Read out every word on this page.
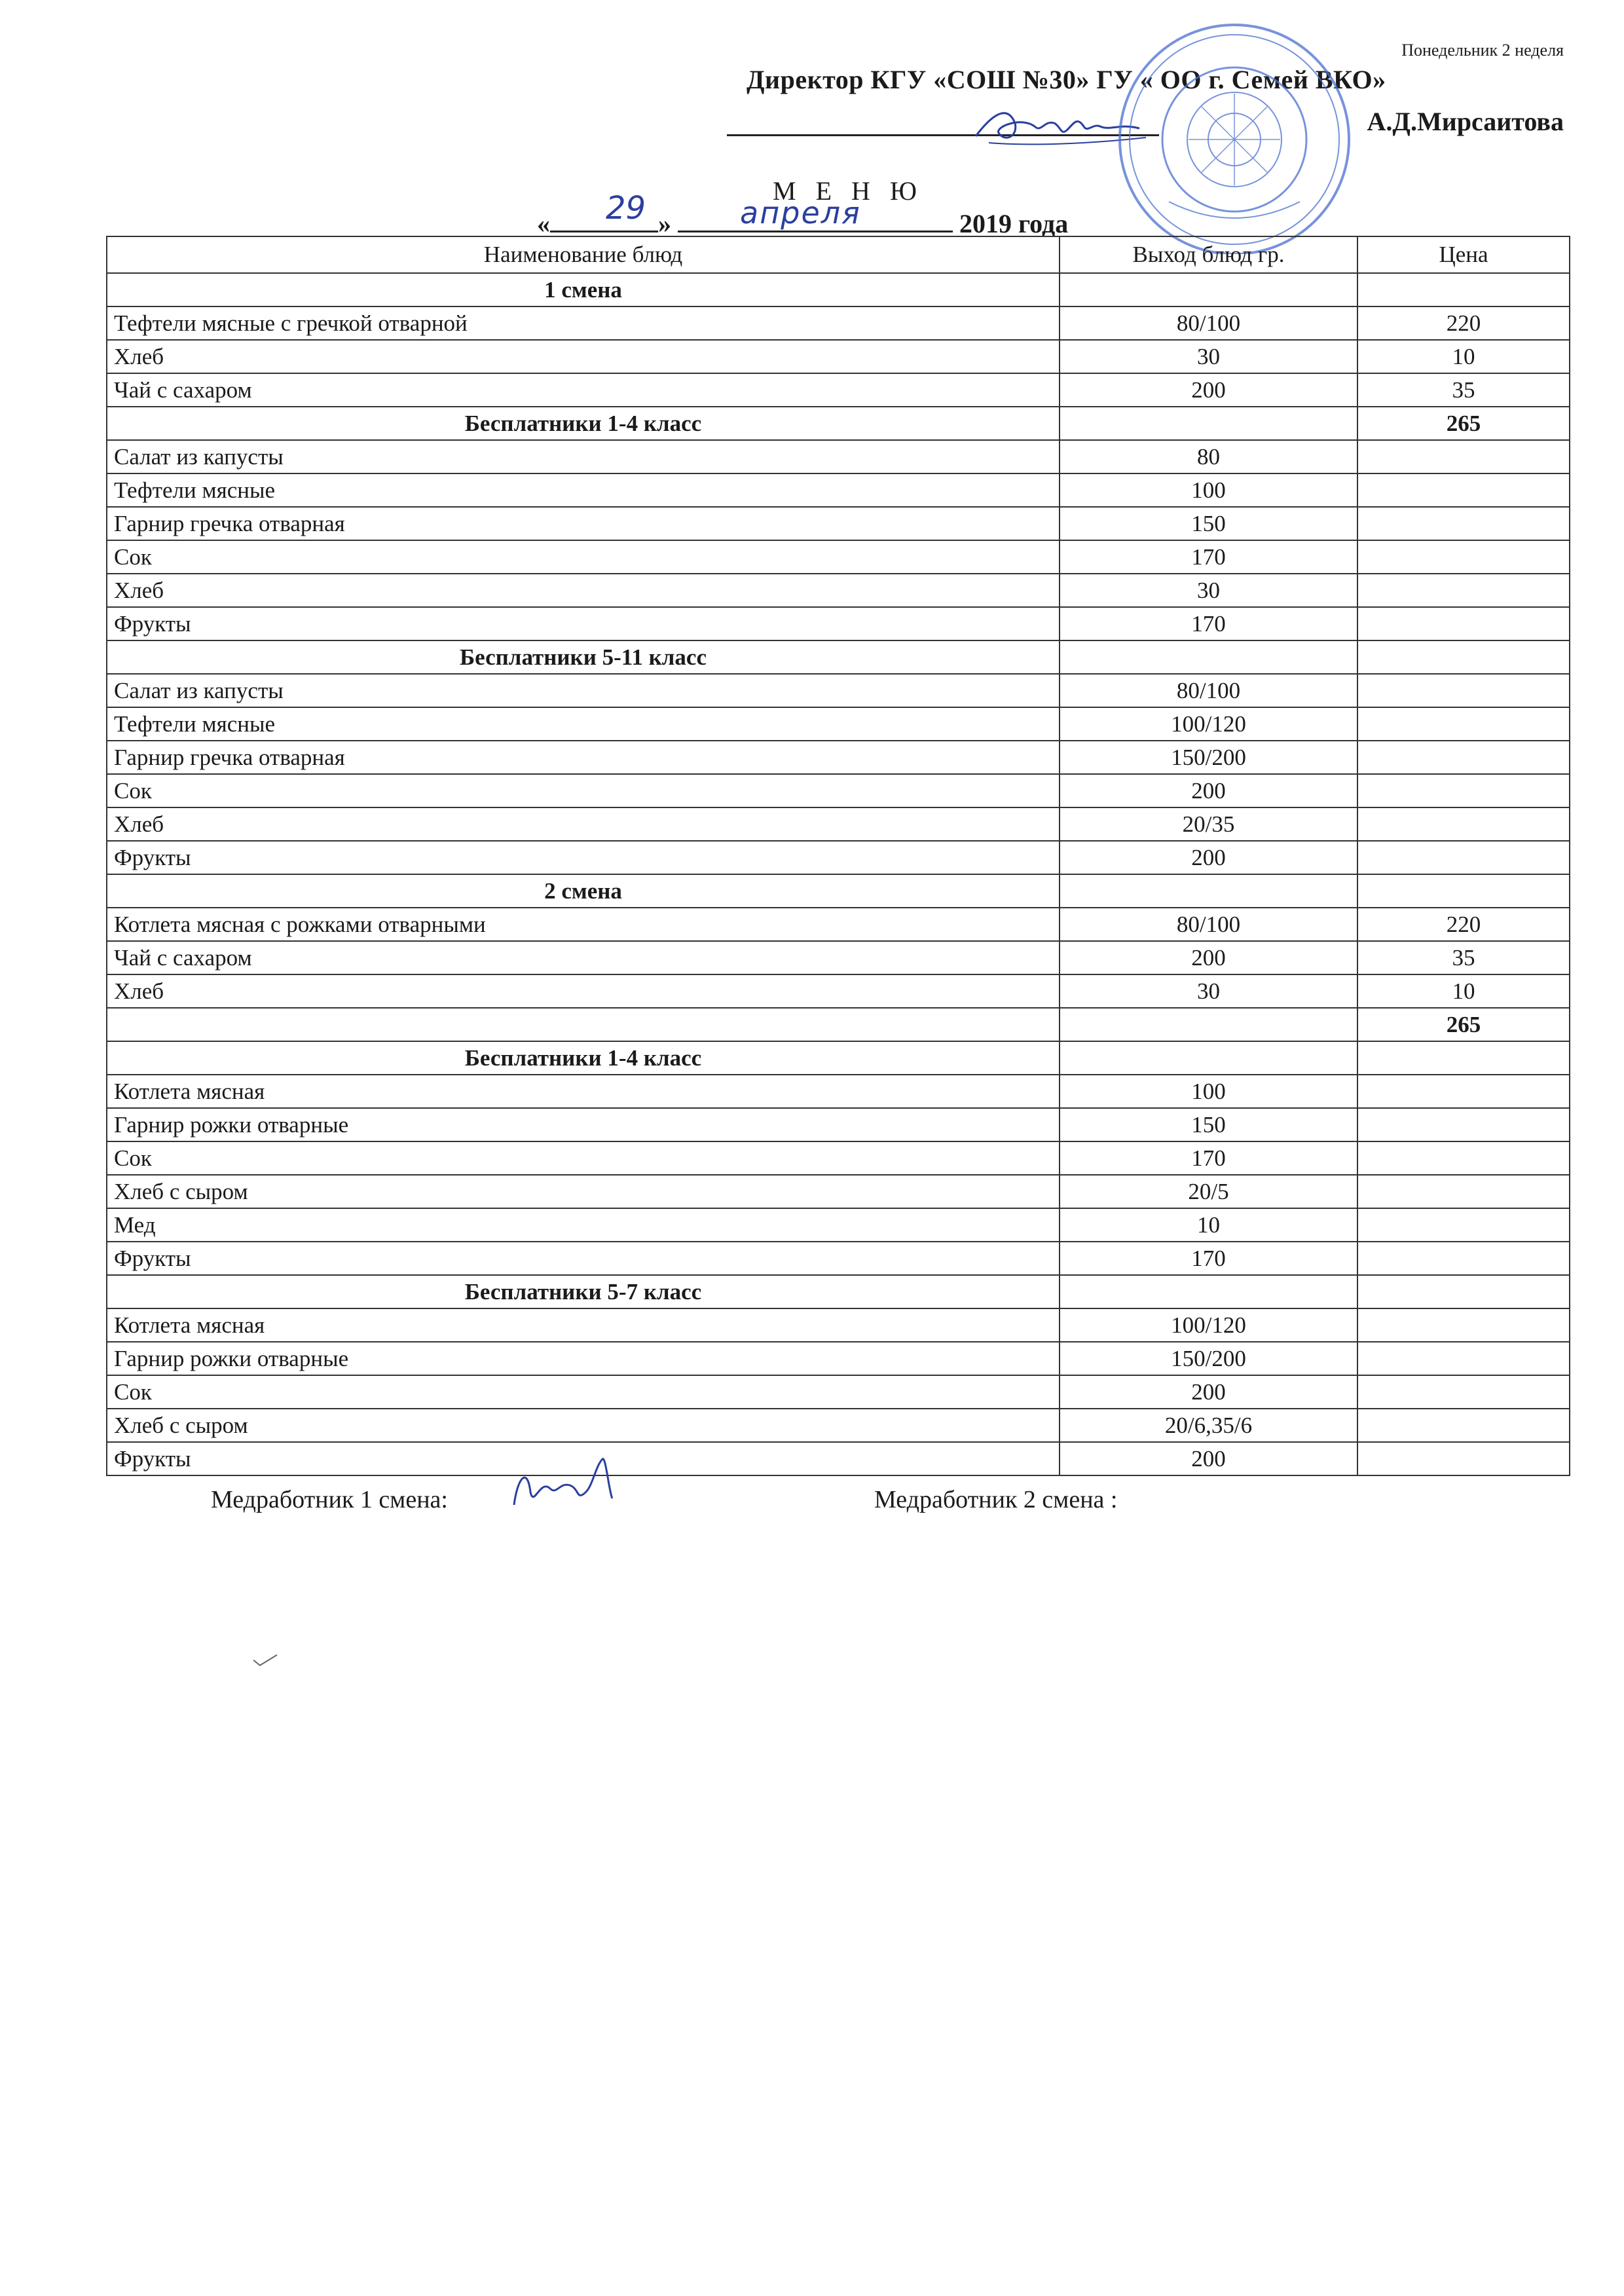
Понедельник 2 неделя
Директор КГУ «СОШ №30» ГУ « ОО г. Семей ВКО»
А.Д.Мирсаитова
М Е Н Ю
«	»	2019 года
29	апреля
Наименование блюд	Выход блюд гр.	Цена
1 смена		
Тефтели мясные с гречкой отварной	80/100	220
Хлеб	30	10
Чай с сахаром	200	35
Бесплатники 1-4 класс		265
Салат из капусты	80	
Тефтели мясные	100	
Гарнир гречка отварная	150	
Сок	170	
Хлеб	30	
Фрукты	170	
Бесплатники 5-11 класс		
Салат из капусты	80/100	
Тефтели мясные	100/120	
Гарнир гречка отварная	150/200	
Сок	200	
Хлеб	20/35	
Фрукты	200	
2 смена		
Котлета мясная с рожками отварными	80/100	220
Чай с сахаром	200	35
Хлеб	30	10
		265
Бесплатники 1-4 класс		
Котлета мясная	100	
Гарнир рожки отварные	150	
Сок	170	
Хлеб с сыром	20/5	
Мед	10	
Фрукты	170	
Бесплатники 5-7 класс		
Котлета мясная	100/120	
Гарнир рожки отварные	150/200	
Сок	200	
Хлеб с сыром	20/6,35/6	
Фрукты	200	
Медработник 1 смена:	Медработник 2 смена :
